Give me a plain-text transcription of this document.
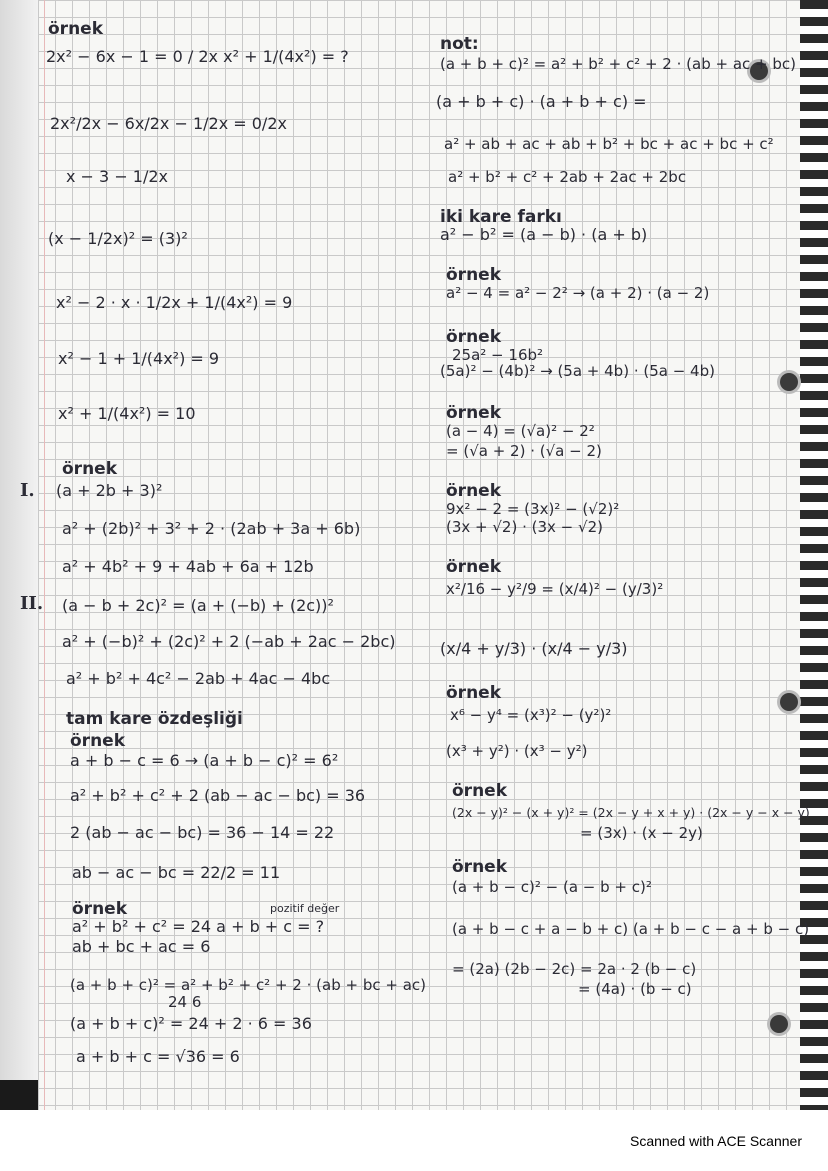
örnek
2x² − 6x − 1 = 0 / 2x x² + 1/(4x²) = ?
2x²/2x − 6x/2x − 1/2x = 0/2x
x − 3 − 1/2x
(x − 1/2x)² = (3)²
x² − 2 · x · 1/2x + 1/(4x²) = 9
x² − 1 + 1/(4x²) = 9
x² + 1/(4x²) = 10
örnek
I. (a + 2b + 3)²
a² + (2b)² + 3² + 2 · (2ab + 3a + 6b)
a² + 4b² + 9 + 4ab + 6a + 12b
II. (a − b + 2c)² = (a + (−b) + (2c))²
a² + (−b)² + (2c)² + 2 (−ab + 2ac − 2bc)
a² + b² + 4c² − 2ab + 4ac − 4bc
tam kare özdeşliği
örnek
a + b − c = 6 → (a + b − c)² = 6²
a² + b² + c² + 2 (ab − ac − bc) = 36
2 (ab − ac − bc) = 36 − 14 = 22
ab − ac − bc = 22/2 = 11
örnek	pozitif değer
a² + b² + c² = 24 a + b + c = ?
ab + bc + ac = 6
(a + b + c)² = a² + b² + c² + 2 · (ab + bc + ac)
24 6
(a + b + c)² = 24 + 2 · 6 = 36
a + b + c = √36 = 6
not:
(a + b + c)² = a² + b² + c² + 2 · (ab + ac + bc)
(a + b + c) · (a + b + c) =
a² + ab + ac + ab + b² + bc + ac + bc + c²
a² + b² + c² + 2ab + 2ac + 2bc
iki kare farkı
a² − b² = (a − b) · (a + b)
örnek
a² − 4 = a² − 2² → (a + 2) · (a − 2)
örnek
25a² − 16b²
(5a)² − (4b)² → (5a + 4b) · (5a − 4b)
örnek
(a − 4) = (√a)² − 2²
= (√a + 2) · (√a − 2)
örnek
9x² − 2 = (3x)² − (√2)²
(3x + √2) · (3x − √2)
örnek
x²/16 − y²/9 = (x/4)² − (y/3)²
(x/4 + y/3) · (x/4 − y/3)
örnek
x⁶ − y⁴ = (x³)² − (y²)²
(x³ + y²) · (x³ − y²)
örnek
(2x − y)² − (x + y)² = (2x − y + x + y) · (2x − y − x − y)
= (3x) · (x − 2y)
örnek
(a + b − c)² − (a − b + c)²
(a + b − c + a − b + c) (a + b − c − a + b − c)
= (2a) (2b − 2c) = 2a · 2 (b − c)
= (4a) · (b − c)
Scanned with ACE Scanner
